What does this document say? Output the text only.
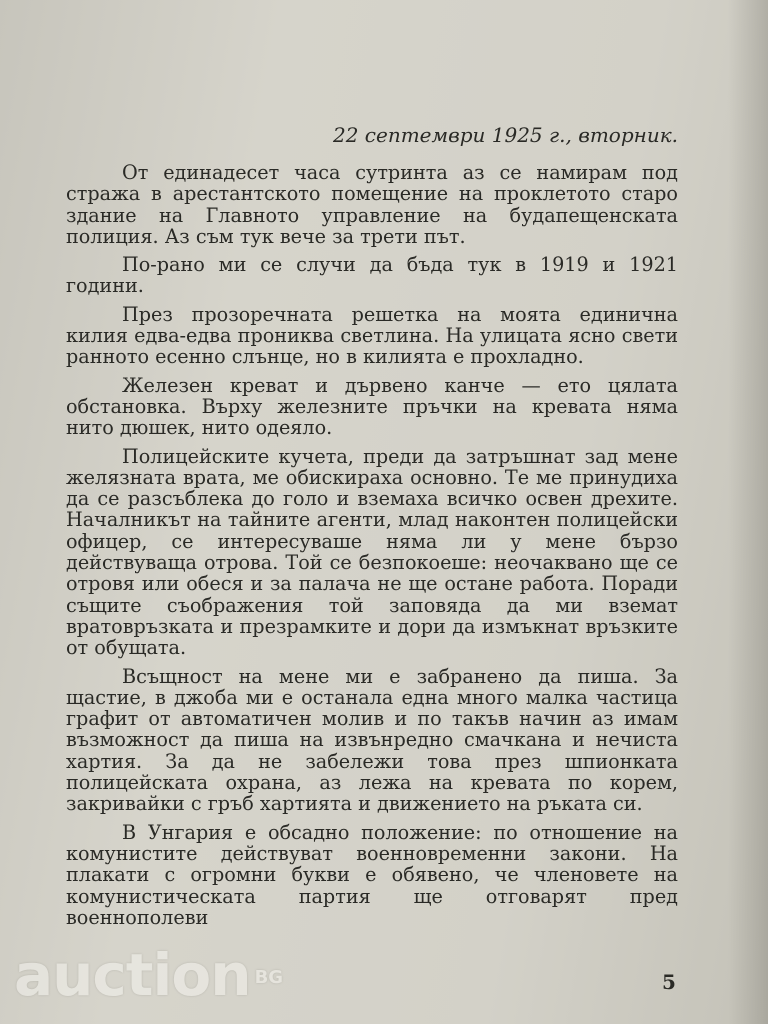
22 септември 1925 г., вторник.

От единадесет часа сутринта аз се намирам под стража в арестантското помещение на проклетото старо здание на Главното управление на будапещенската полиция. Аз съм тук вече за трети път.

По-рано ми се случи да бъда тук в 1919 и 1921 години.

През прозоречната решетка на моята единична килия едва-едва прониква светлина. На улицата ясно свети ранното есенно слънце, но в килията е прохладно.

Железен креват и дървено канче — ето цялата обстановка. Върху железните пръчки на кревата няма нито дюшек, нито одеяло.

Полицейските кучета, преди да затръшнат зад мене желязната врата, ме обискираха основно. Те ме принудиха да се разсъблека до голо и вземаха всичко освен дрехите. Началникът на тайните агенти, млад наконтен полицейски офицер, се интересуваше няма ли у мене бързо действуваща отрова. Той се безпокоеше: неочаквано ще се отровя или обеся и за палача не ще остане работа. Поради същите съображения той заповяда да ми вземат вратовръзката и презрамките и дори да измъкнат връзките от обущата.

Всъщност на мене ми е забранено да пиша. За щастие, в джоба ми е останала една много малка частица графит от автоматичен молив и по такъв начин аз имам възможност да пиша на извънредно смачкана и нечиста хартия. За да не забележи това през шпионката полицейската охрана, аз лежа на кревата по корем, закривайки с гръб хартията и движението на ръката си.

В Унгария е обсадно положение: по отношение на комунистите действуват военновременни закони. На плакати с огромни букви е обявено, че членовете на комунистическата партия ще отговарят пред военнополеви

5
auction BG
